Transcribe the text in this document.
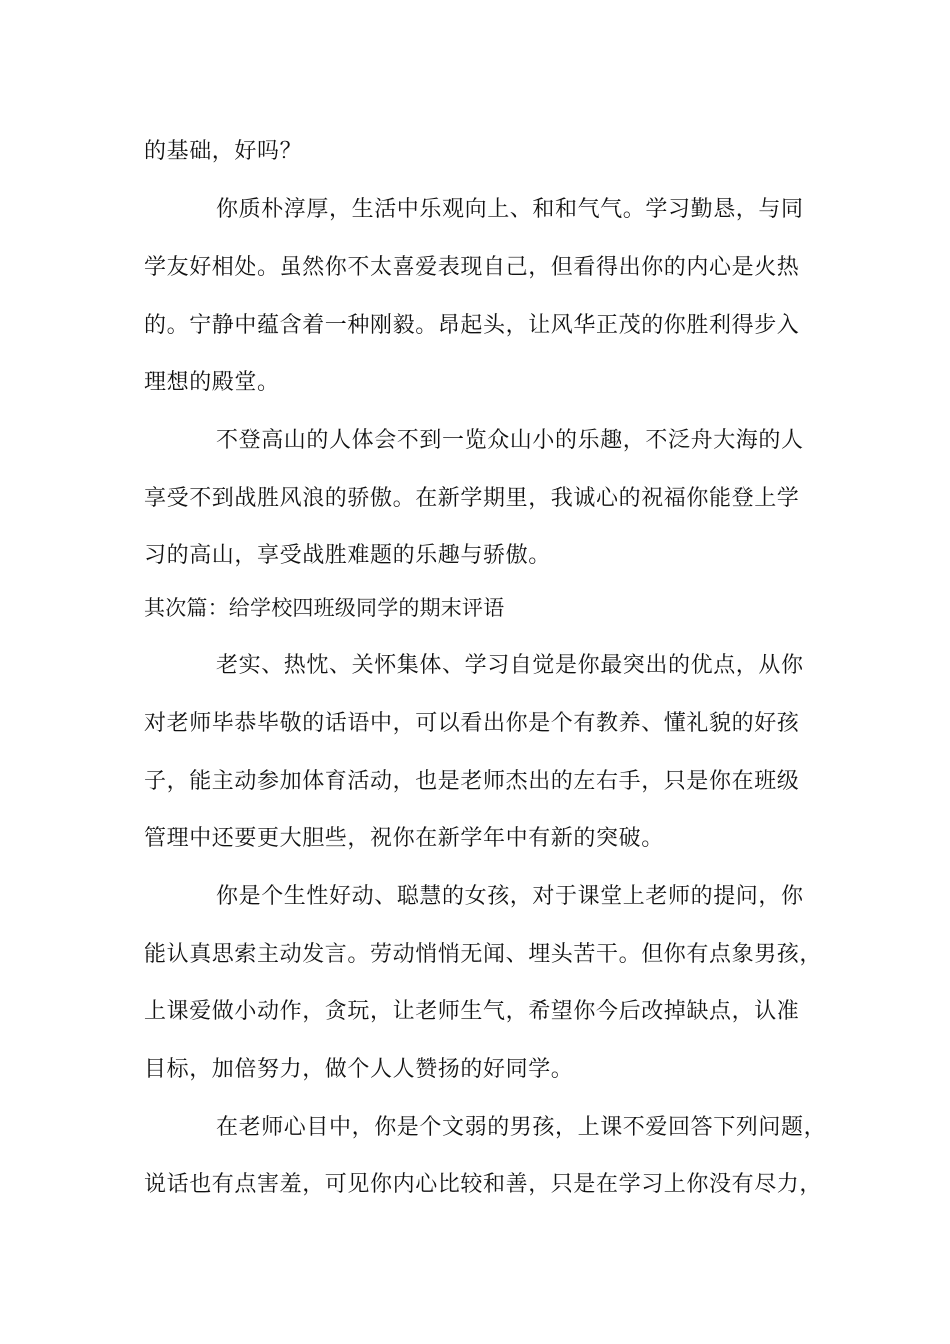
的基础，好吗？
你质朴淳厚，生活中乐观向上、和和气气。学习勤恳，与同
学友好相处。虽然你不太喜爱表现自己，但看得出你的内心是火热
的。宁静中蕴含着一种刚毅。昂起头，让风华正茂的你胜利得步入
理想的殿堂。
不登高山的人体会不到一览众山小的乐趣，不泛舟大海的人
享受不到战胜风浪的骄傲。在新学期里，我诚心的祝福你能登上学
习的高山，享受战胜难题的乐趣与骄傲。
其次篇：给学校四班级同学的期末评语
老实、热忱、关怀集体、学习自觉是你最突出的优点，从你
对老师毕恭毕敬的话语中，可以看出你是个有教养、懂礼貌的好孩
子，能主动参加体育活动，也是老师杰出的左右手，只是你在班级
管理中还要更大胆些，祝你在新学年中有新的突破。
你是个生性好动、聪慧的女孩，对于课堂上老师的提问，你
能认真思索主动发言。劳动悄悄无闻、埋头苦干。但你有点象男孩，
上课爱做小动作，贪玩，让老师生气，希望你今后改掉缺点，认准
目标，加倍努力，做个人人赞扬的好同学。
在老师心目中，你是个文弱的男孩，上课不爱回答下列问题，
说话也有点害羞，可见你内心比较和善，只是在学习上你没有尽力，
